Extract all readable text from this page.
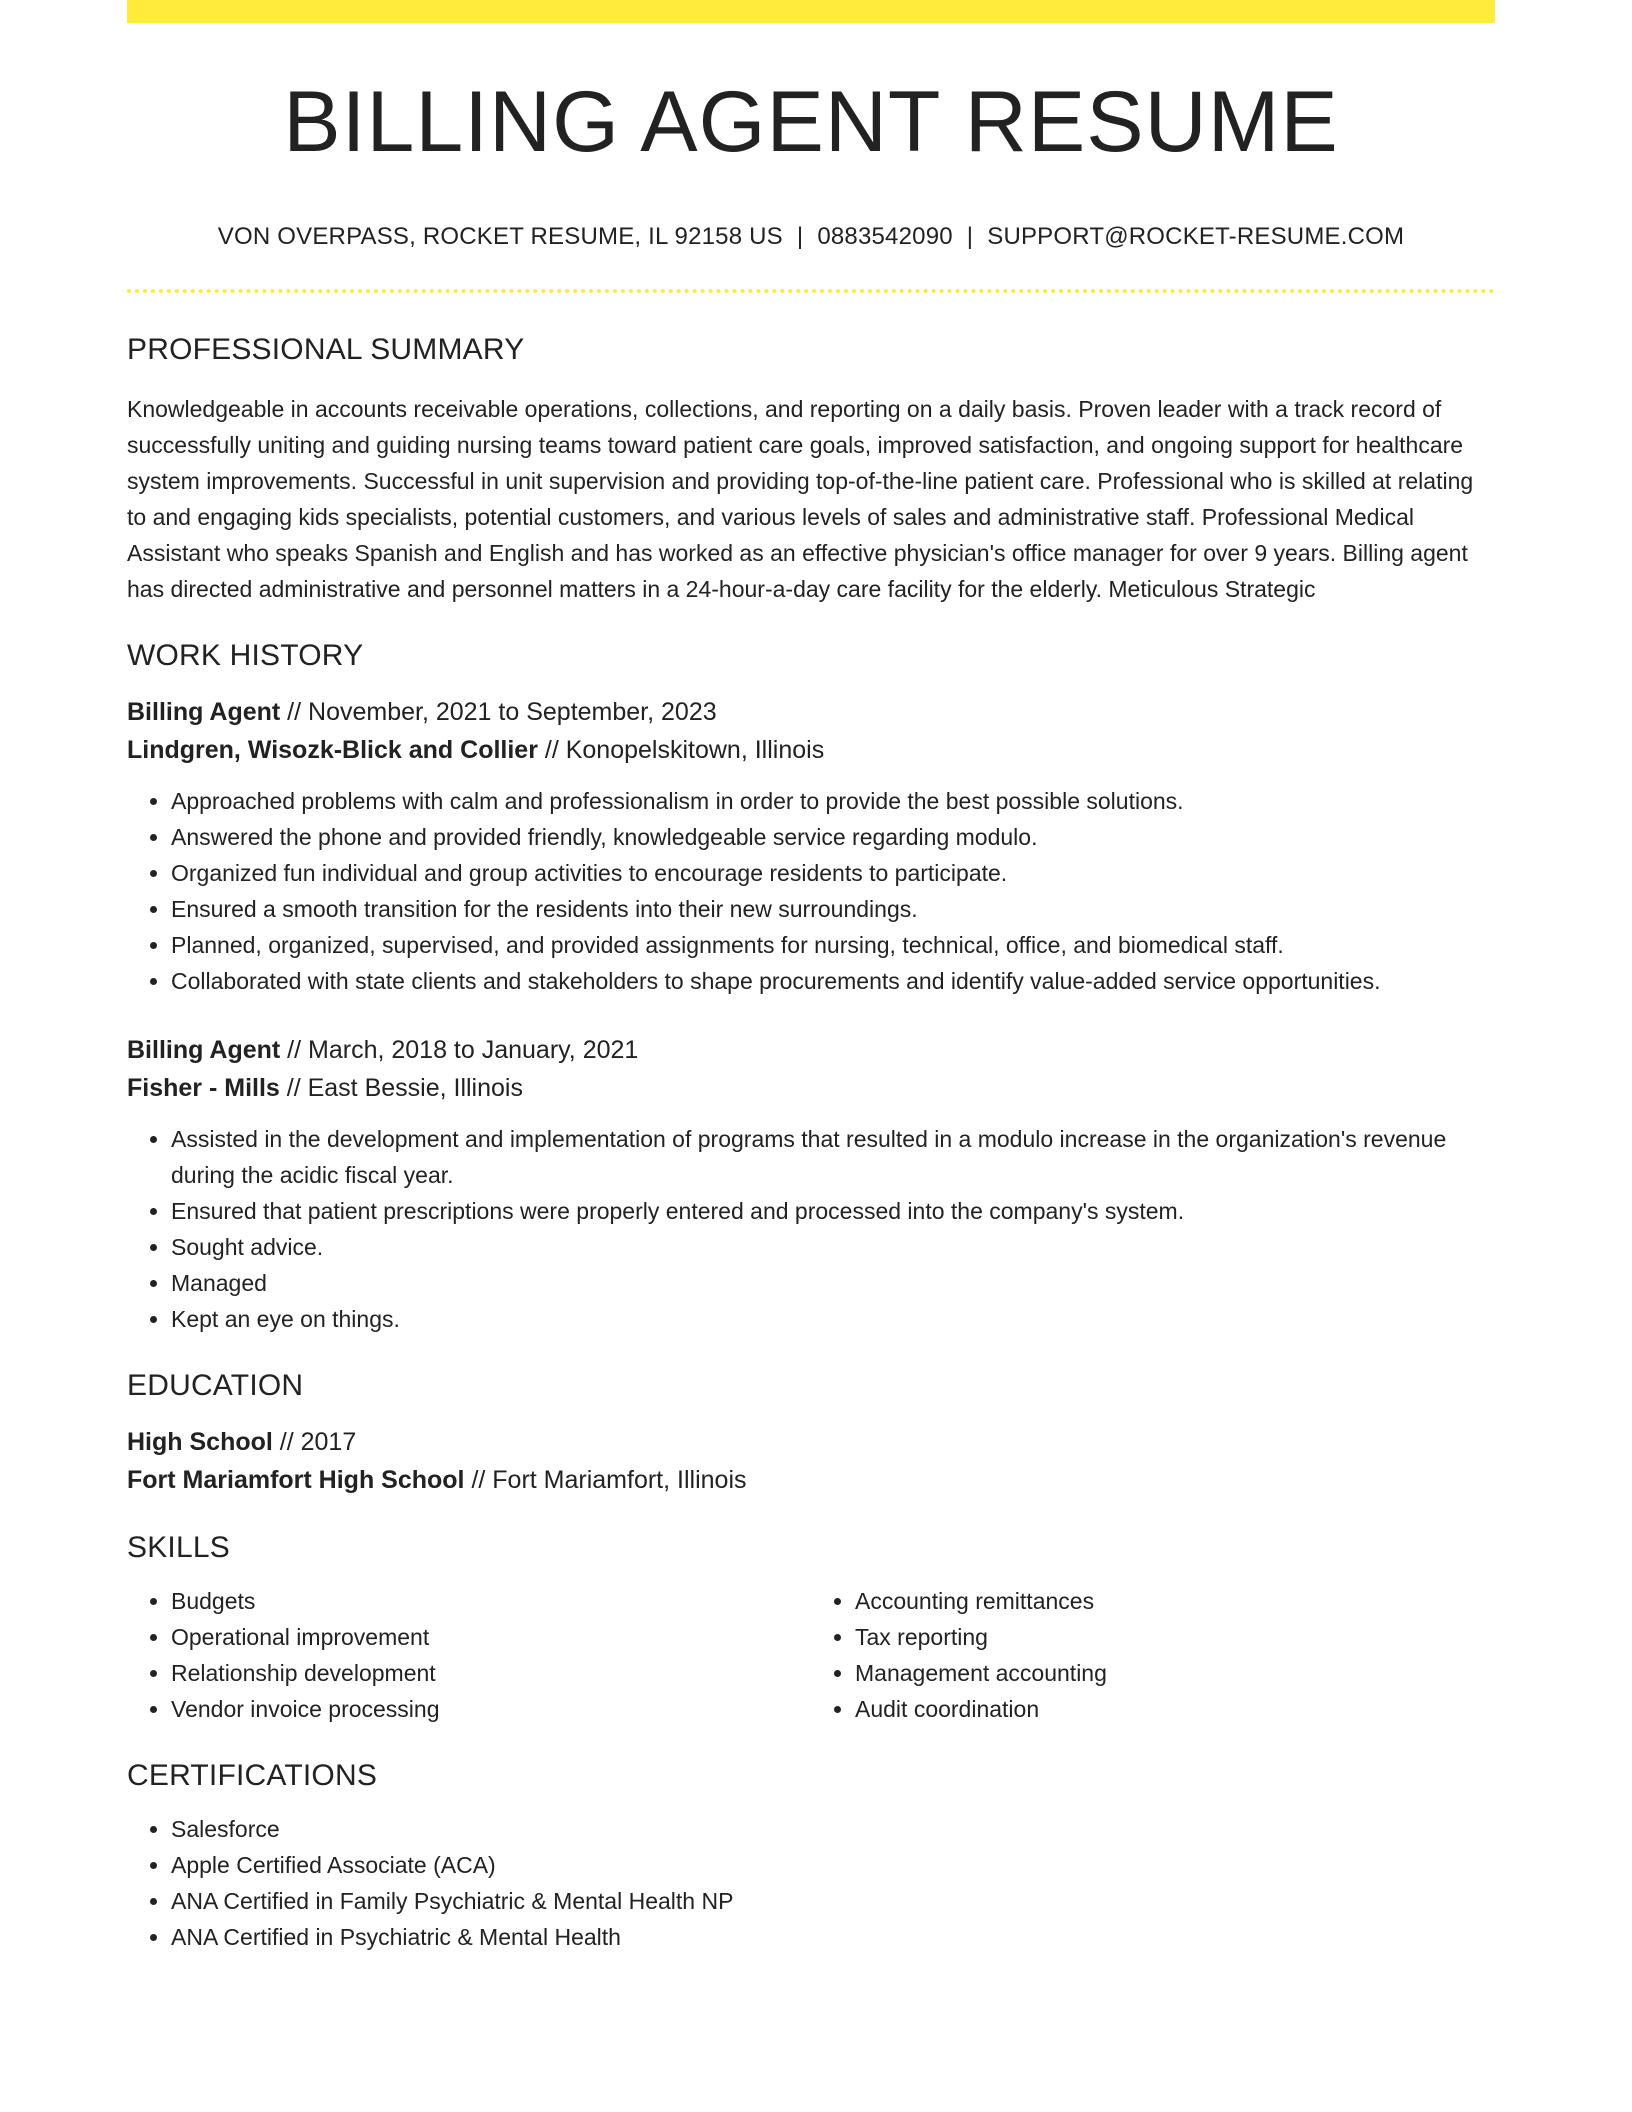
BILLING AGENT RESUME
VON OVERPASS, ROCKET RESUME, IL 92158 US | 0883542090 | SUPPORT@ROCKET-RESUME.COM
PROFESSIONAL SUMMARY

Knowledgeable in accounts receivable operations, collections, and reporting on a daily basis. Proven leader with a track record of successfully uniting and guiding nursing teams toward patient care goals, improved satisfaction, and ongoing support for healthcare system improvements. Successful in unit supervision and providing top-of-the-line patient care. Professional who is skilled at relating to and engaging kids specialists, potential customers, and various levels of sales and administrative staff. Professional Medical Assistant who speaks Spanish and English and has worked as an effective physician's office manager for over 9 years. Billing agent has directed administrative and personnel matters in a 24-hour-a-day care facility for the elderly. Meticulous Strategic

WORK HISTORY

Billing Agent // November, 2021 to September, 2023

Lindgren, Wisozk-Blick and Collier // Konopelskitown, Illinois

• Approached problems with calm and professionalism in order to provide the best possible solutions.
• Answered the phone and provided friendly, knowledgeable service regarding modulo.
• Organized fun individual and group activities to encourage residents to participate.
• Ensured a smooth transition for the residents into their new surroundings.
• Planned, organized, supervised, and provided assignments for nursing, technical, office, and biomedical staff.
• Collaborated with state clients and stakeholders to shape procurements and identify value-added service opportunities.

Billing Agent // March, 2018 to January, 2021

Fisher - Mills // East Bessie, Illinois

• Assisted in the development and implementation of programs that resulted in a modulo increase in the organization's revenue during the acidic fiscal year.
• Ensured that patient prescriptions were properly entered and processed into the company's system.
• Sought advice.
• Managed
• Kept an eye on things.
EDUCATION

High School // 2017

Fort Mariamfort High School // Fort Mariamfort, Illinois

SKILLS
• Budgets
• Operational improvement
• Relationship development
• Vendor invoice processing
• Accounting remittances
• Tax reporting
• Management accounting
• Audit coordination
CERTIFICATIONS
• Salesforce
• Apple Certified Associate (ACA)
• ANA Certified in Family Psychiatric & Mental Health NP
• ANA Certified in Psychiatric & Mental Health
